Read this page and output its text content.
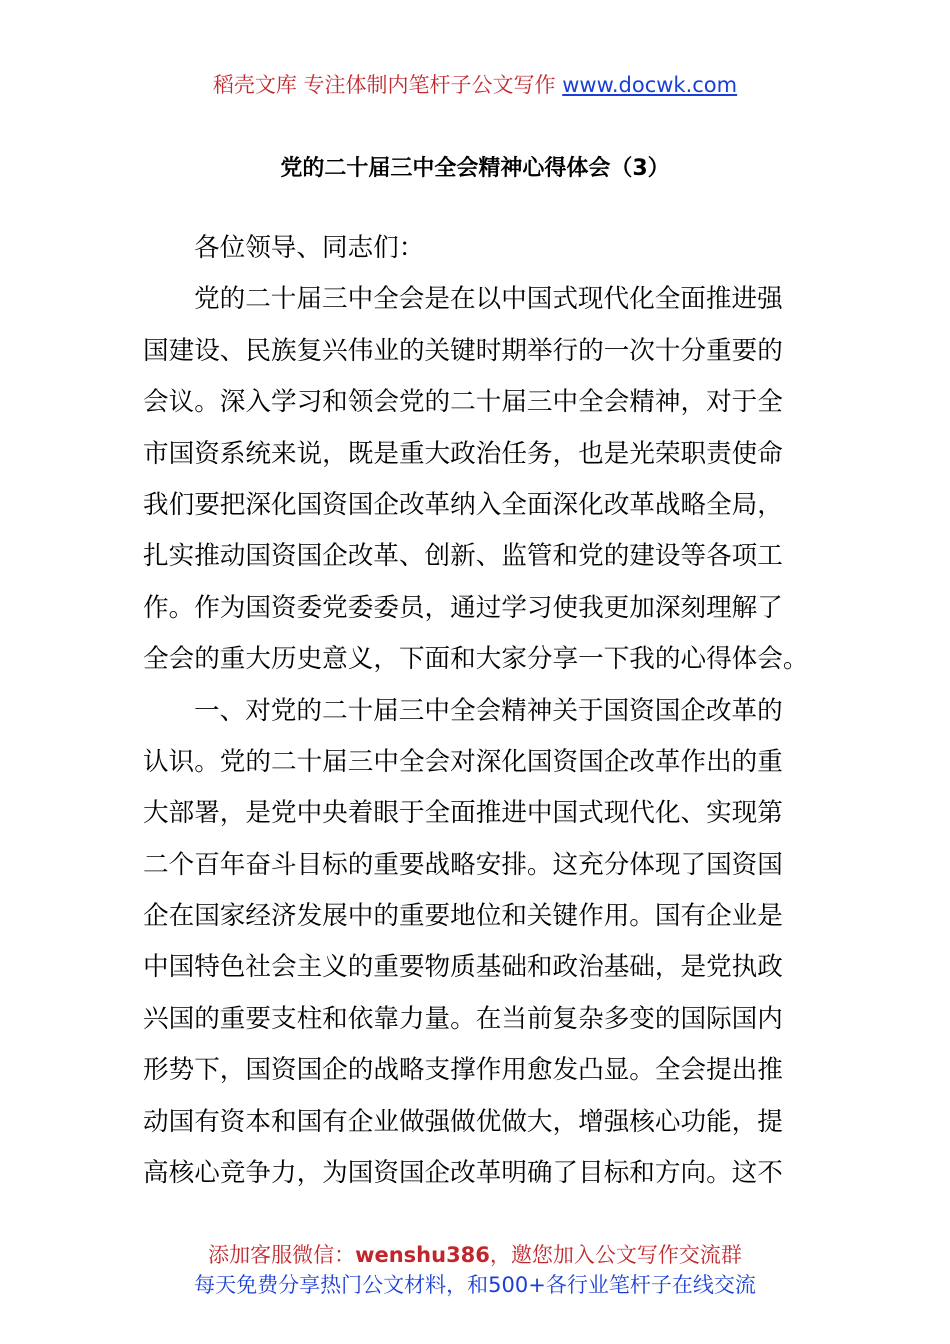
稻壳文库 专注体制内笔杆子公文写作 www.docwk.com
党的二十届三中全会精神心得体会（3）
各位领导、同志们：
党的二十届三中全会是在以中国式现代化全面推进强
国建设、民族复兴伟业的关键时期举行的一次十分重要的
会议。深入学习和领会党的二十届三中全会精神，对于全
市国资系统来说，既是重大政治任务，也是光荣职责使命
我们要把深化国资国企改革纳入全面深化改革战略全局，
扎实推动国资国企改革、创新、监管和党的建设等各项工
作。作为国资委党委委员，通过学习使我更加深刻理解了
全会的重大历史意义，下面和大家分享一下我的心得体会。
一、对党的二十届三中全会精神关于国资国企改革的
认识。党的二十届三中全会对深化国资国企改革作出的重
大部署，是党中央着眼于全面推进中国式现代化、实现第
二个百年奋斗目标的重要战略安排。这充分体现了国资国
企在国家经济发展中的重要地位和关键作用。国有企业是
中国特色社会主义的重要物质基础和政治基础，是党执政
兴国的重要支柱和依靠力量。在当前复杂多变的国际国内
形势下，国资国企的战略支撑作用愈发凸显。全会提出推
动国有资本和国有企业做强做优做大，增强核心功能，提
高核心竞争力，为国资国企改革明确了目标和方向。这不
添加客服微信：wenshu386，邀您加入公文写作交流群
每天免费分享热门公文材料，和500+各行业笔杆子在线交流
